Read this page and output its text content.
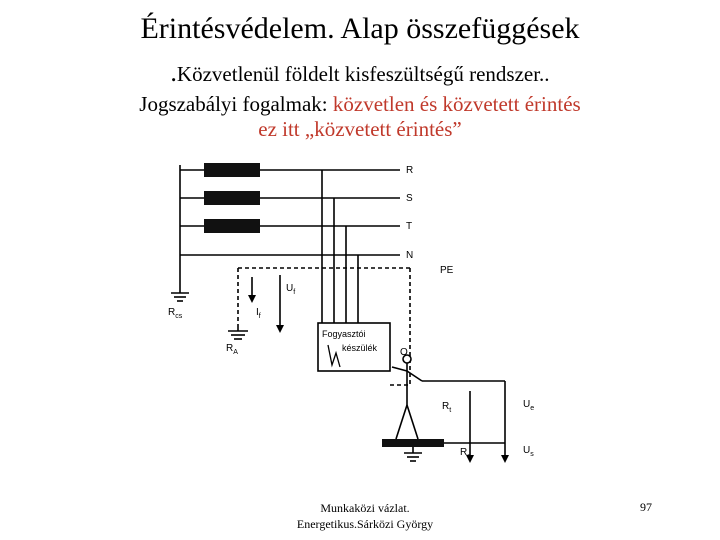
Érintésvédelem. Alap összefüggések
.Közvetlenül földelt kisfeszültségű rendszer..
Jogszabályi fogalmak: közvetlen és közvetett érintés
ez itt „közvetett érintés”
R
S
T
N
PE
$R_{cs}$
$R_A$
$U_f$
$I_f$
Fogyasztói
készülék O
$R_t$
$R_s$
$U_e$
$U_s$
Munkaközi vázlat.
Energetikus.Sárközi György
97
